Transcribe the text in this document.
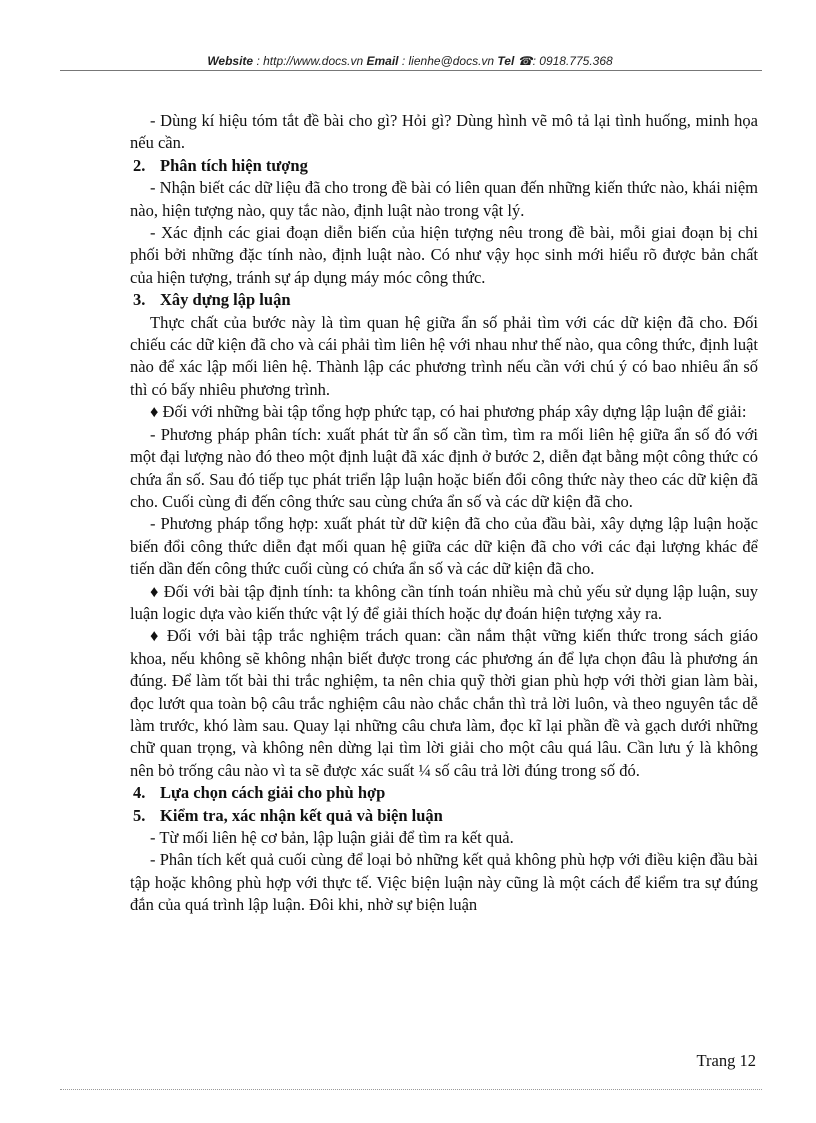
Website : http://www.docs.vn Email : lienhe@docs.vn Tel ☎: 0918.775.368

- Dùng kí hiệu tóm tắt đề bài cho gì? Hỏi gì? Dùng hình vẽ mô tả lại tình huống, minh họa nếu cần.

2. Phân tích hiện tượng

- Nhận biết các dữ liệu đã cho trong đề bài có liên quan đến những kiến thức nào, khái niệm nào, hiện tượng nào, quy tắc nào, định luật nào trong vật lý.

- Xác định các giai đoạn diễn biến của hiện tượng nêu trong đề bài, mỗi giai đoạn bị chi phối bởi những đặc tính nào, định luật nào. Có như vậy học sinh mới hiểu rõ được bản chất của hiện tượng, tránh sự áp dụng máy móc công thức.

3. Xây dựng lập luận

Thực chất của bước này là tìm quan hệ giữa ẩn số phải tìm với các dữ kiện đã cho. Đối chiếu các dữ kiện đã cho và cái phải tìm liên hệ với nhau như thế nào, qua công thức, định luật nào để xác lập mối liên hệ. Thành lập các phương trình nếu cần với chú ý có bao nhiêu ẩn số thì có bấy nhiêu phương trình.

♦ Đối với những bài tập tổng hợp phức tạp, có hai phương pháp xây dựng lập luận để giải:

- Phương pháp phân tích: xuất phát từ ẩn số cần tìm, tìm ra mối liên hệ giữa ẩn số đó với một đại lượng nào đó theo một định luật đã xác định ở bước 2, diễn đạt bằng một công thức có chứa ẩn số. Sau đó tiếp tục phát triển lập luận hoặc biến đổi công thức này theo các dữ kiện đã cho. Cuối cùng đi đến công thức sau cùng chứa ẩn số và các dữ kiện đã cho.

- Phương pháp tổng hợp: xuất phát từ dữ kiện đã cho của đầu bài, xây dựng lập luận hoặc biến đổi công thức diễn đạt mối quan hệ giữa các dữ kiện đã cho với các đại lượng khác để tiến dần đến công thức cuối cùng có chứa ẩn số và các dữ kiện đã cho.

♦ Đối với bài tập định tính: ta không cần tính toán nhiều mà chủ yếu sử dụng lập luận, suy luận logic dựa vào kiến thức vật lý để giải thích hoặc dự đoán hiện tượng xảy ra.

♦ Đối với bài tập trắc nghiệm trách quan: cần nắm thật vững kiến thức trong sách giáo khoa, nếu không sẽ không nhận biết được trong các phương án để lựa chọn đâu là phương án đúng. Để làm tốt bài thi trắc nghiệm, ta nên chia quỹ thời gian phù hợp với thời gian làm bài, đọc lướt qua toàn bộ câu trắc nghiệm câu nào chắc chắn thì trả lời luôn, và theo nguyên tắc dễ làm trước, khó làm sau. Quay lại những câu chưa làm, đọc kĩ lại phần đề và gạch dưới những chữ quan trọng, và không nên dừng lại tìm lời giải cho một câu quá lâu. Cần lưu ý là không nên bỏ trống câu nào vì ta sẽ được xác suất ¼ số câu trả lời đúng trong số đó.

4. Lựa chọn cách giải cho phù hợp

5. Kiểm tra, xác nhận kết quả và biện luận

- Từ mối liên hệ cơ bản, lập luận giải để tìm ra kết quả.

- Phân tích kết quả cuối cùng để loại bỏ những kết quả không phù hợp với điều kiện đầu bài tập hoặc không phù hợp với thực tế. Việc biện luận này cũng là một cách để kiểm tra sự đúng đắn của quá trình lập luận. Đôi khi, nhờ sự biện luận

Trang 12
